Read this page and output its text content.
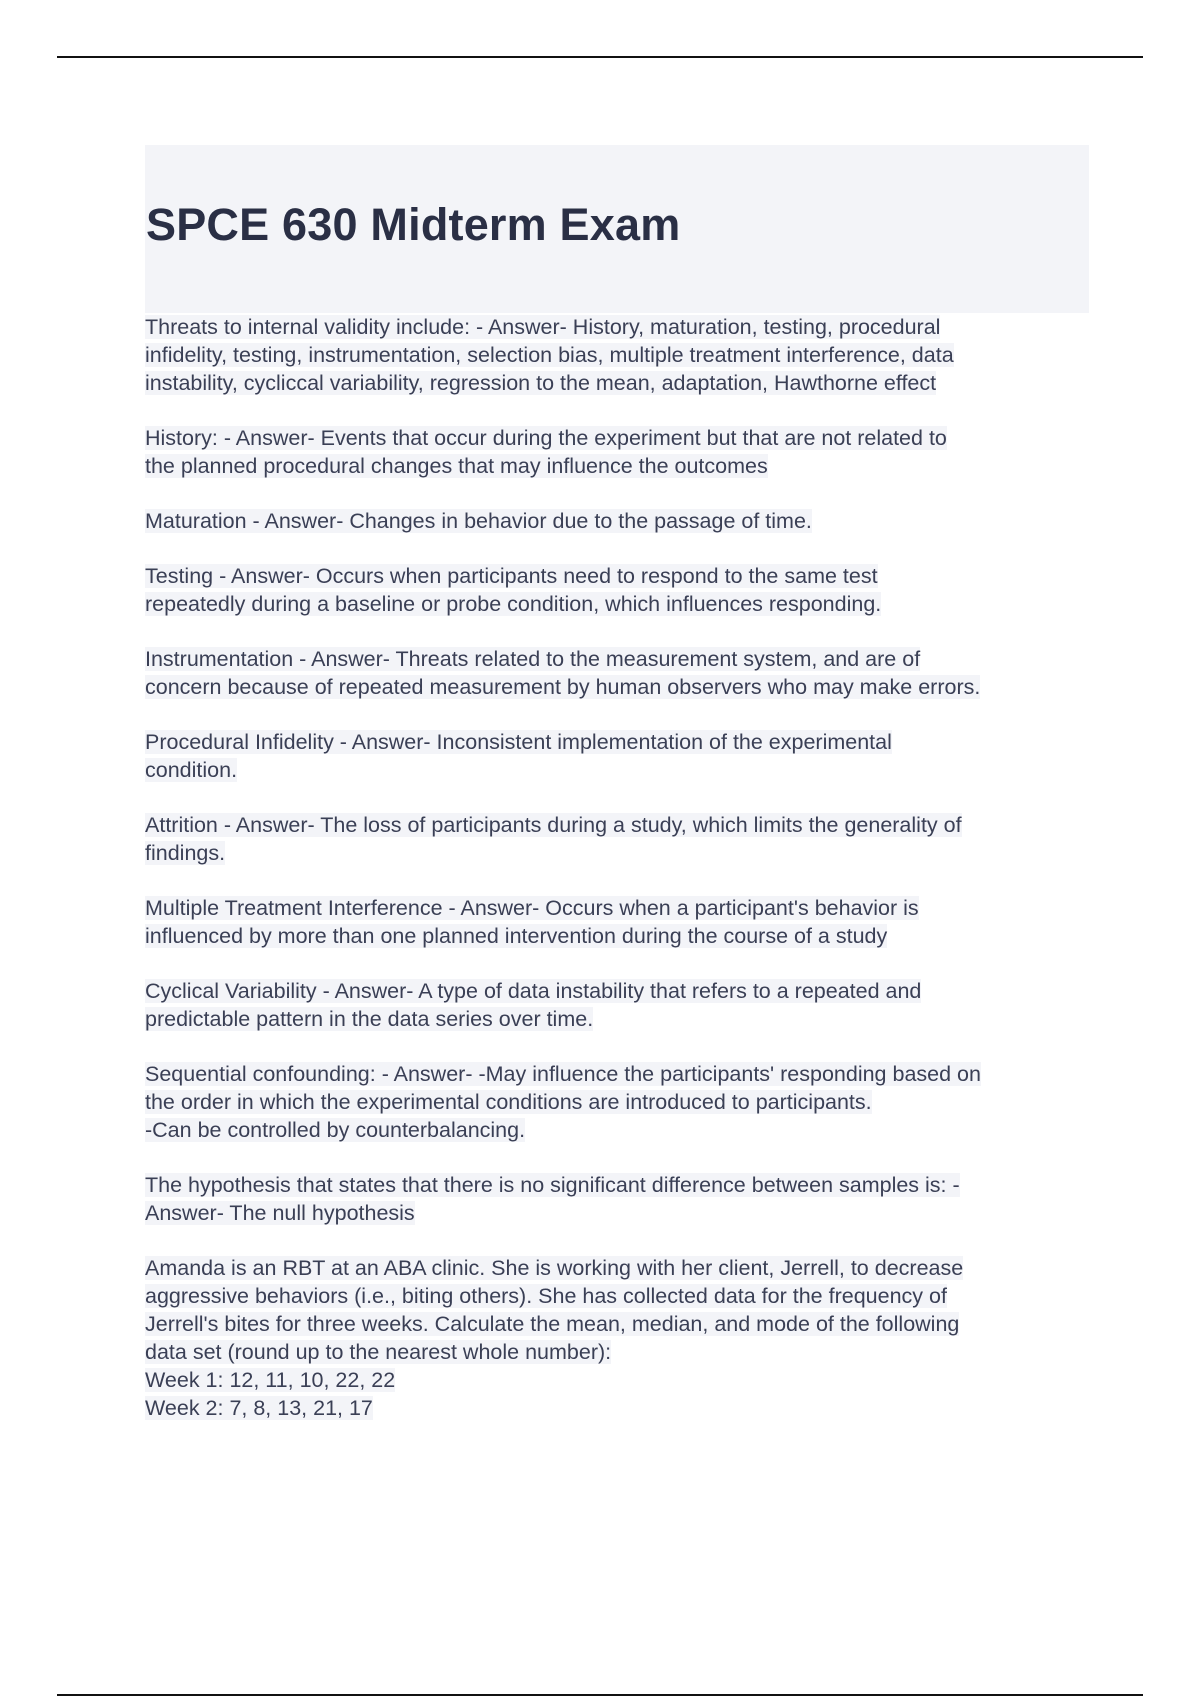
SPCE 630 Midterm Exam

Threats to internal validity include: - Answer- History, maturation, testing, procedural
infidelity, testing, instrumentation, selection bias, multiple treatment interference, data
instability, cycliccal variability, regression to the mean, adaptation, Hawthorne effect

History: - Answer- Events that occur during the experiment but that are not related to
the planned procedural changes that may influence the outcomes

Maturation - Answer- Changes in behavior due to the passage of time.

Testing - Answer- Occurs when participants need to respond to the same test
repeatedly during a baseline or probe condition, which influences responding.

Instrumentation - Answer- Threats related to the measurement system, and are of
concern because of repeated measurement by human observers who may make errors.

Procedural Infidelity - Answer- Inconsistent implementation of the experimental
condition.

Attrition - Answer- The loss of participants during a study, which limits the generality of
findings.

Multiple Treatment Interference - Answer- Occurs when a participant's behavior is
influenced by more than one planned intervention during the course of a study

Cyclical Variability - Answer- A type of data instability that refers to a repeated and
predictable pattern in the data series over time.

Sequential confounding: - Answer- -May influence the participants' responding based on
the order in which the experimental conditions are introduced to participants.
-Can be controlled by counterbalancing.

The hypothesis that states that there is no significant difference between samples is: -
Answer- The null hypothesis

Amanda is an RBT at an ABA clinic. She is working with her client, Jerrell, to decrease
aggressive behaviors (i.e., biting others). She has collected data for the frequency of
Jerrell's bites for three weeks. Calculate the mean, median, and mode of the following
data set (round up to the nearest whole number):
Week 1: 12, 11, 10, 22, 22
Week 2: 7, 8, 13, 21, 17
